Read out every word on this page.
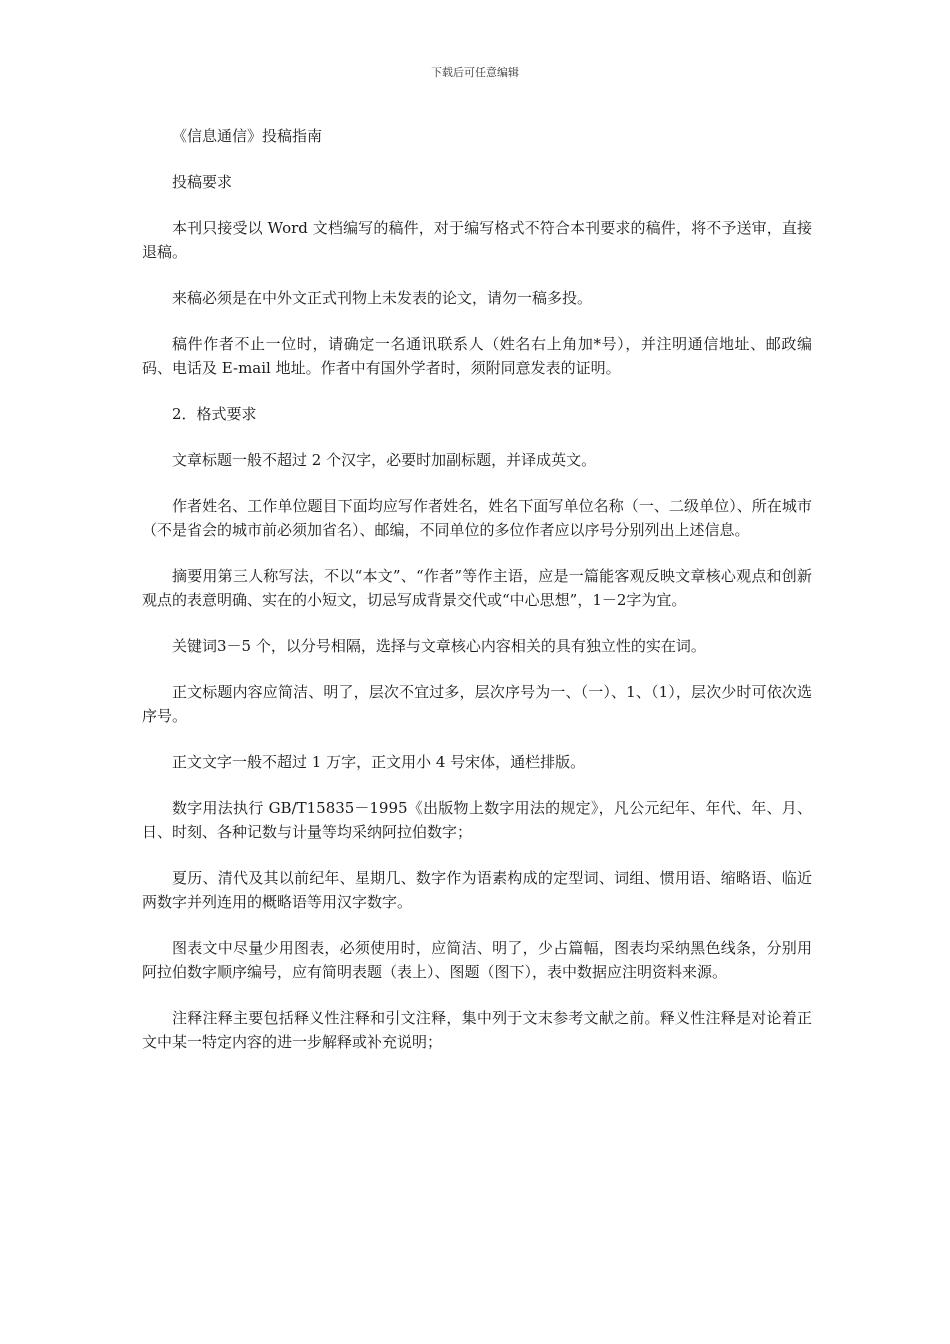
下载后可任意编辑

《信息通信》投稿指南

投稿要求

本刊只接受以 Word 文档编写的稿件，对于编写格式不符合本刊要求的稿件，将不予送审，直接退稿。

来稿必须是在中外文正式刊物上未发表的论文，请勿一稿多投。

稿件作者不止一位时，请确定一名通讯联系人（姓名右上角加*号），并注明通信地址、邮政编码、电话及 E-mail 地址。作者中有国外学者时，须附同意发表的证明。

2．格式要求

文章标题一般不超过 2 个汉字，必要时加副标题，并译成英文。

作者姓名、工作单位题目下面均应写作者姓名，姓名下面写单位名称（一、二级单位）、所在城市（不是省会的城市前必须加省名）、邮编，不同单位的多位作者应以序号分别列出上述信息。

摘要用第三人称写法，不以“本文”、“作者”等作主语，应是一篇能客观反映文章核心观点和创新观点的表意明确、实在的小短文，切忌写成背景交代或“中心思想”，1－2字为宜。

关键词3－5 个，以分号相隔，选择与文章核心内容相关的具有独立性的实在词。

正文标题内容应简洁、明了，层次不宜过多，层次序号为一、（一）、1、（1），层次少时可依次选序号。

正文文字一般不超过 1 万字，正文用小 4 号宋体，通栏排版。

数字用法执行 GB/T15835－1995《出版物上数字用法的规定》，凡公元纪年、年代、年、月、日、时刻、各种记数与计量等均采纳阿拉伯数字；

夏历、清代及其以前纪年、星期几、数字作为语素构成的定型词、词组、惯用语、缩略语、临近两数字并列连用的概略语等用汉字数字。

图表文中尽量少用图表，必须使用时，应简洁、明了，少占篇幅，图表均采纳黑色线条，分别用阿拉伯数字顺序编号，应有简明表题（表上）、图题（图下），表中数据应注明资料来源。

注释注释主要包括释义性注释和引文注释，集中列于文末参考文献之前。释义性注释是对论着正文中某一特定内容的进一步解释或补充说明；
